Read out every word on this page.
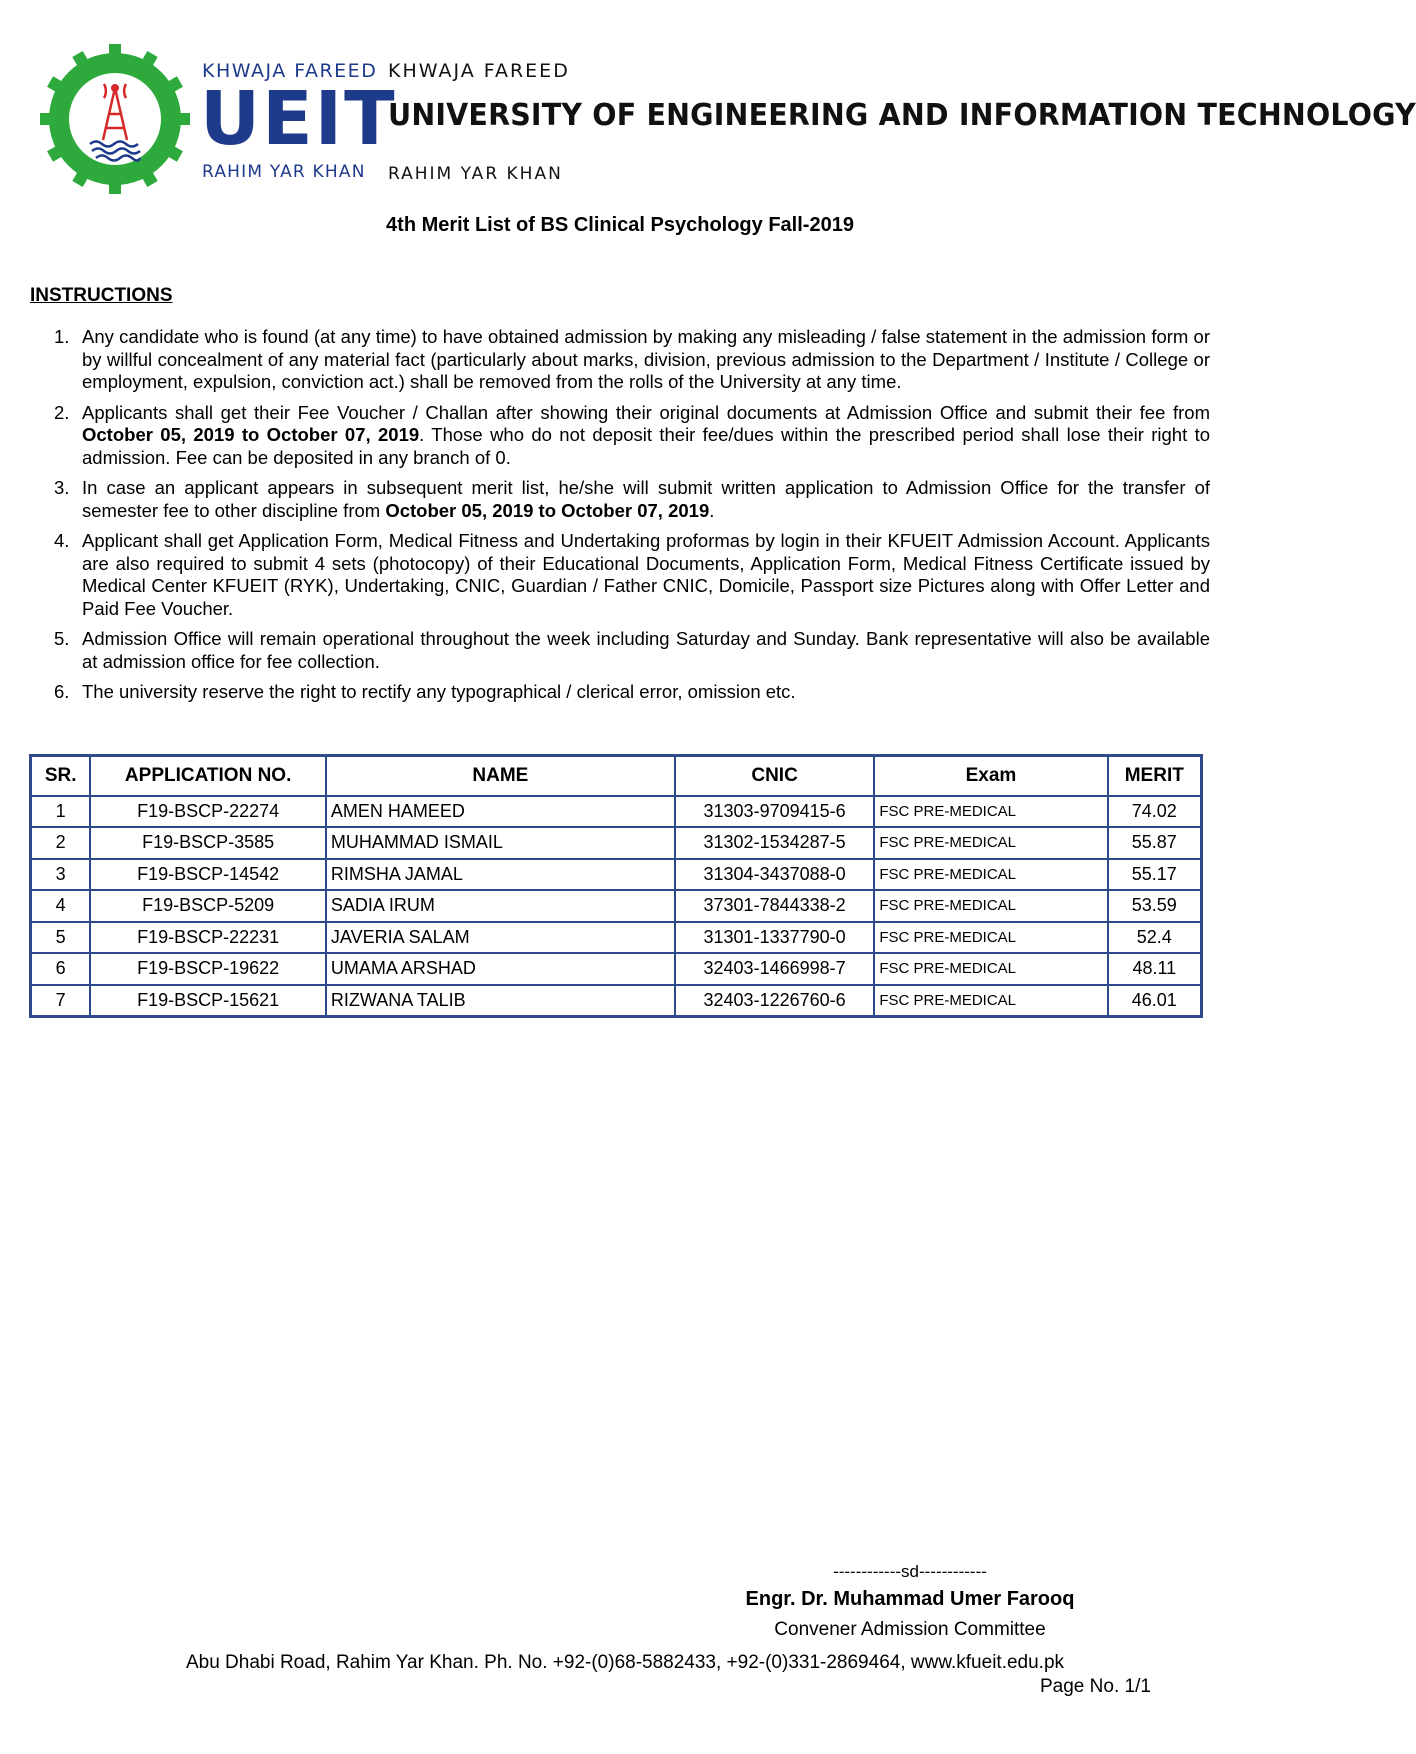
KHWAJA FAREED
UEIT
RAHIM YAR KHAN
KHWAJA FAREED
UNIVERSITY OF ENGINEERING AND INFORMATION TECHNOLOGY
RAHIM YAR KHAN
4th Merit List of BS Clinical Psychology Fall-2019
INSTRUCTIONS
1. Any candidate who is found (at any time) to have obtained admission by making any misleading / false statement in the admission form or by willful concealment of any material fact (particularly about marks, division, previous admission to the Department / Institute / College or employment, expulsion, conviction act.) shall be removed from the rolls of the University at any time.
2. Applicants shall get their Fee Voucher / Challan after showing their original documents at Admission Office and submit their fee from October 05, 2019 to October 07, 2019. Those who do not deposit their fee/dues within the prescribed period shall lose their right to admission. Fee can be deposited in any branch of 0.
3. In case an applicant appears in subsequent merit list, he/she will submit written application to Admission Office for the transfer of semester fee to other discipline from October 05, 2019 to October 07, 2019.
4. Applicant shall get Application Form, Medical Fitness and Undertaking proformas by login in their KFUEIT Admission Account. Applicants are also required to submit 4 sets (photocopy) of their Educational Documents, Application Form, Medical Fitness Certificate issued by Medical Center KFUEIT (RYK), Undertaking, CNIC, Guardian / Father CNIC, Domicile, Passport size Pictures along with Offer Letter and Paid Fee Voucher.
5. Admission Office will remain operational throughout the week including Saturday and Sunday. Bank representative will also be available at admission office for fee collection.
6. The university reserve the right to rectify any typographical / clerical error, omission etc.
SR.	APPLICATION NO.	NAME	CNIC	Exam	MERIT
1	F19-BSCP-22274	AMEN HAMEED	31303-9709415-6	FSC PRE-MEDICAL	74.02
2	F19-BSCP-3585	MUHAMMAD ISMAIL	31302-1534287-5	FSC PRE-MEDICAL	55.87
3	F19-BSCP-14542	RIMSHA JAMAL	31304-3437088-0	FSC PRE-MEDICAL	55.17
4	F19-BSCP-5209	SADIA IRUM	37301-7844338-2	FSC PRE-MEDICAL	53.59
5	F19-BSCP-22231	JAVERIA SALAM	31301-1337790-0	FSC PRE-MEDICAL	52.4
6	F19-BSCP-19622	UMAMA ARSHAD	32403-1466998-7	FSC PRE-MEDICAL	48.11
7	F19-BSCP-15621	RIZWANA TALIB	32403-1226760-6	FSC PRE-MEDICAL	46.01
------------sd------------
Engr. Dr. Muhammad Umer Farooq
Convener Admission Committee
Abu Dhabi Road, Rahim Yar Khan. Ph. No. +92-(0)68-5882433, +92-(0)331-2869464, www.kfueit.edu.pk
Page No. 1/1
